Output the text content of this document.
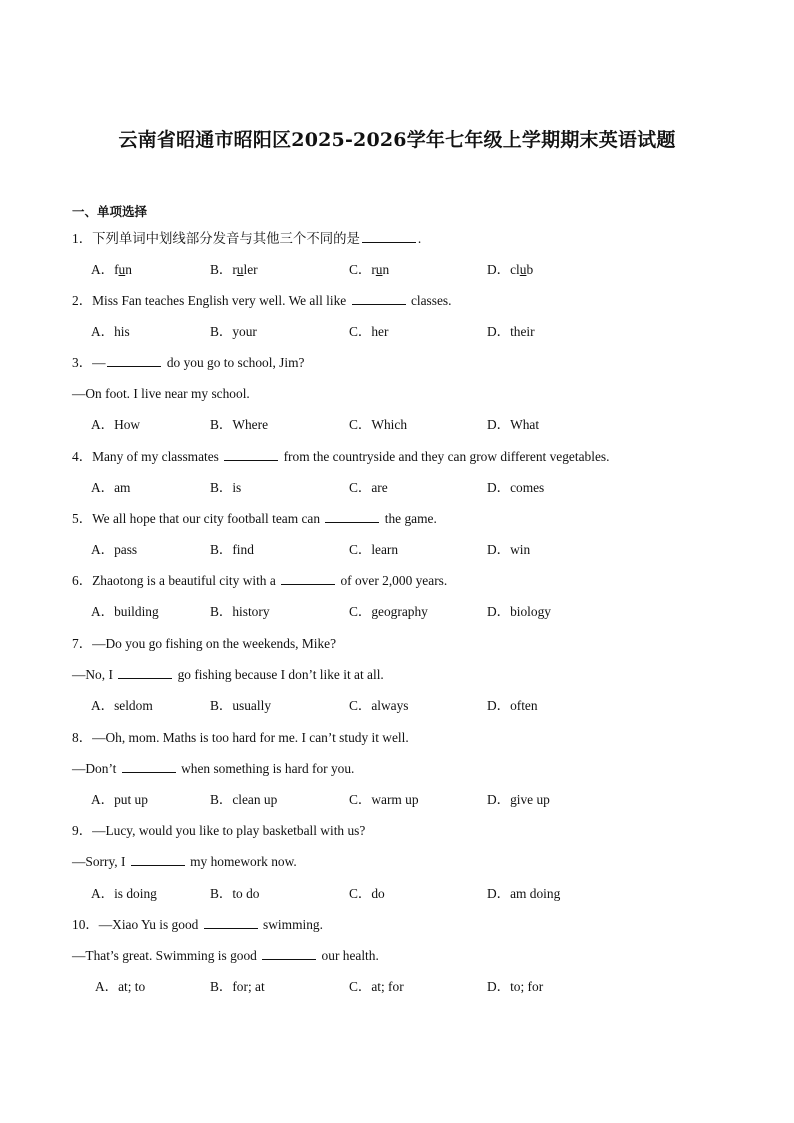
云南省昭通市昭阳区2025-2026学年七年级上学期期末英语试题
一、单项选择
1．下列单词中划线部分发音与其他三个不同的是	.
A．fun	B．ruler	C．run	D．club
2．Miss Fan teaches English very well. We all like	classes.
A．his	B．your	C．her	D．their
3．—	do you go to school, Jim?
—On foot. I live near my school.
A．How	B．Where	C．Which	D．What
4．Many of my classmates	from the countryside and they can grow different vegetables.
A．am	B．is	C．are	D．comes
5．We all hope that our city football team can	the game.
A．pass	B．find	C．learn	D．win
6．Zhaotong is a beautiful city with a	of over 2,000 years.
A．building	B．history	C．geography	D．biology
7．—Do you go fishing on the weekends, Mike?
—No, I	go fishing because I don’t like it at all.
A．seldom	B．usually	C．always	D．often
8．—Oh, mom. Maths is too hard for me. I can’t study it well.
—Don’t	when something is hard for you.
A．put up	B．clean up	C．warm up	D．give up
9．—Lucy, would you like to play basketball with us?
—Sorry, I	my homework now.
A．is doing	B．to do	C．do	D．am doing
10．—Xiao Yu is good	swimming.
—That’s great. Swimming is good	our health.
A．at; to	B．for; at	C．at; for	D．to; for
